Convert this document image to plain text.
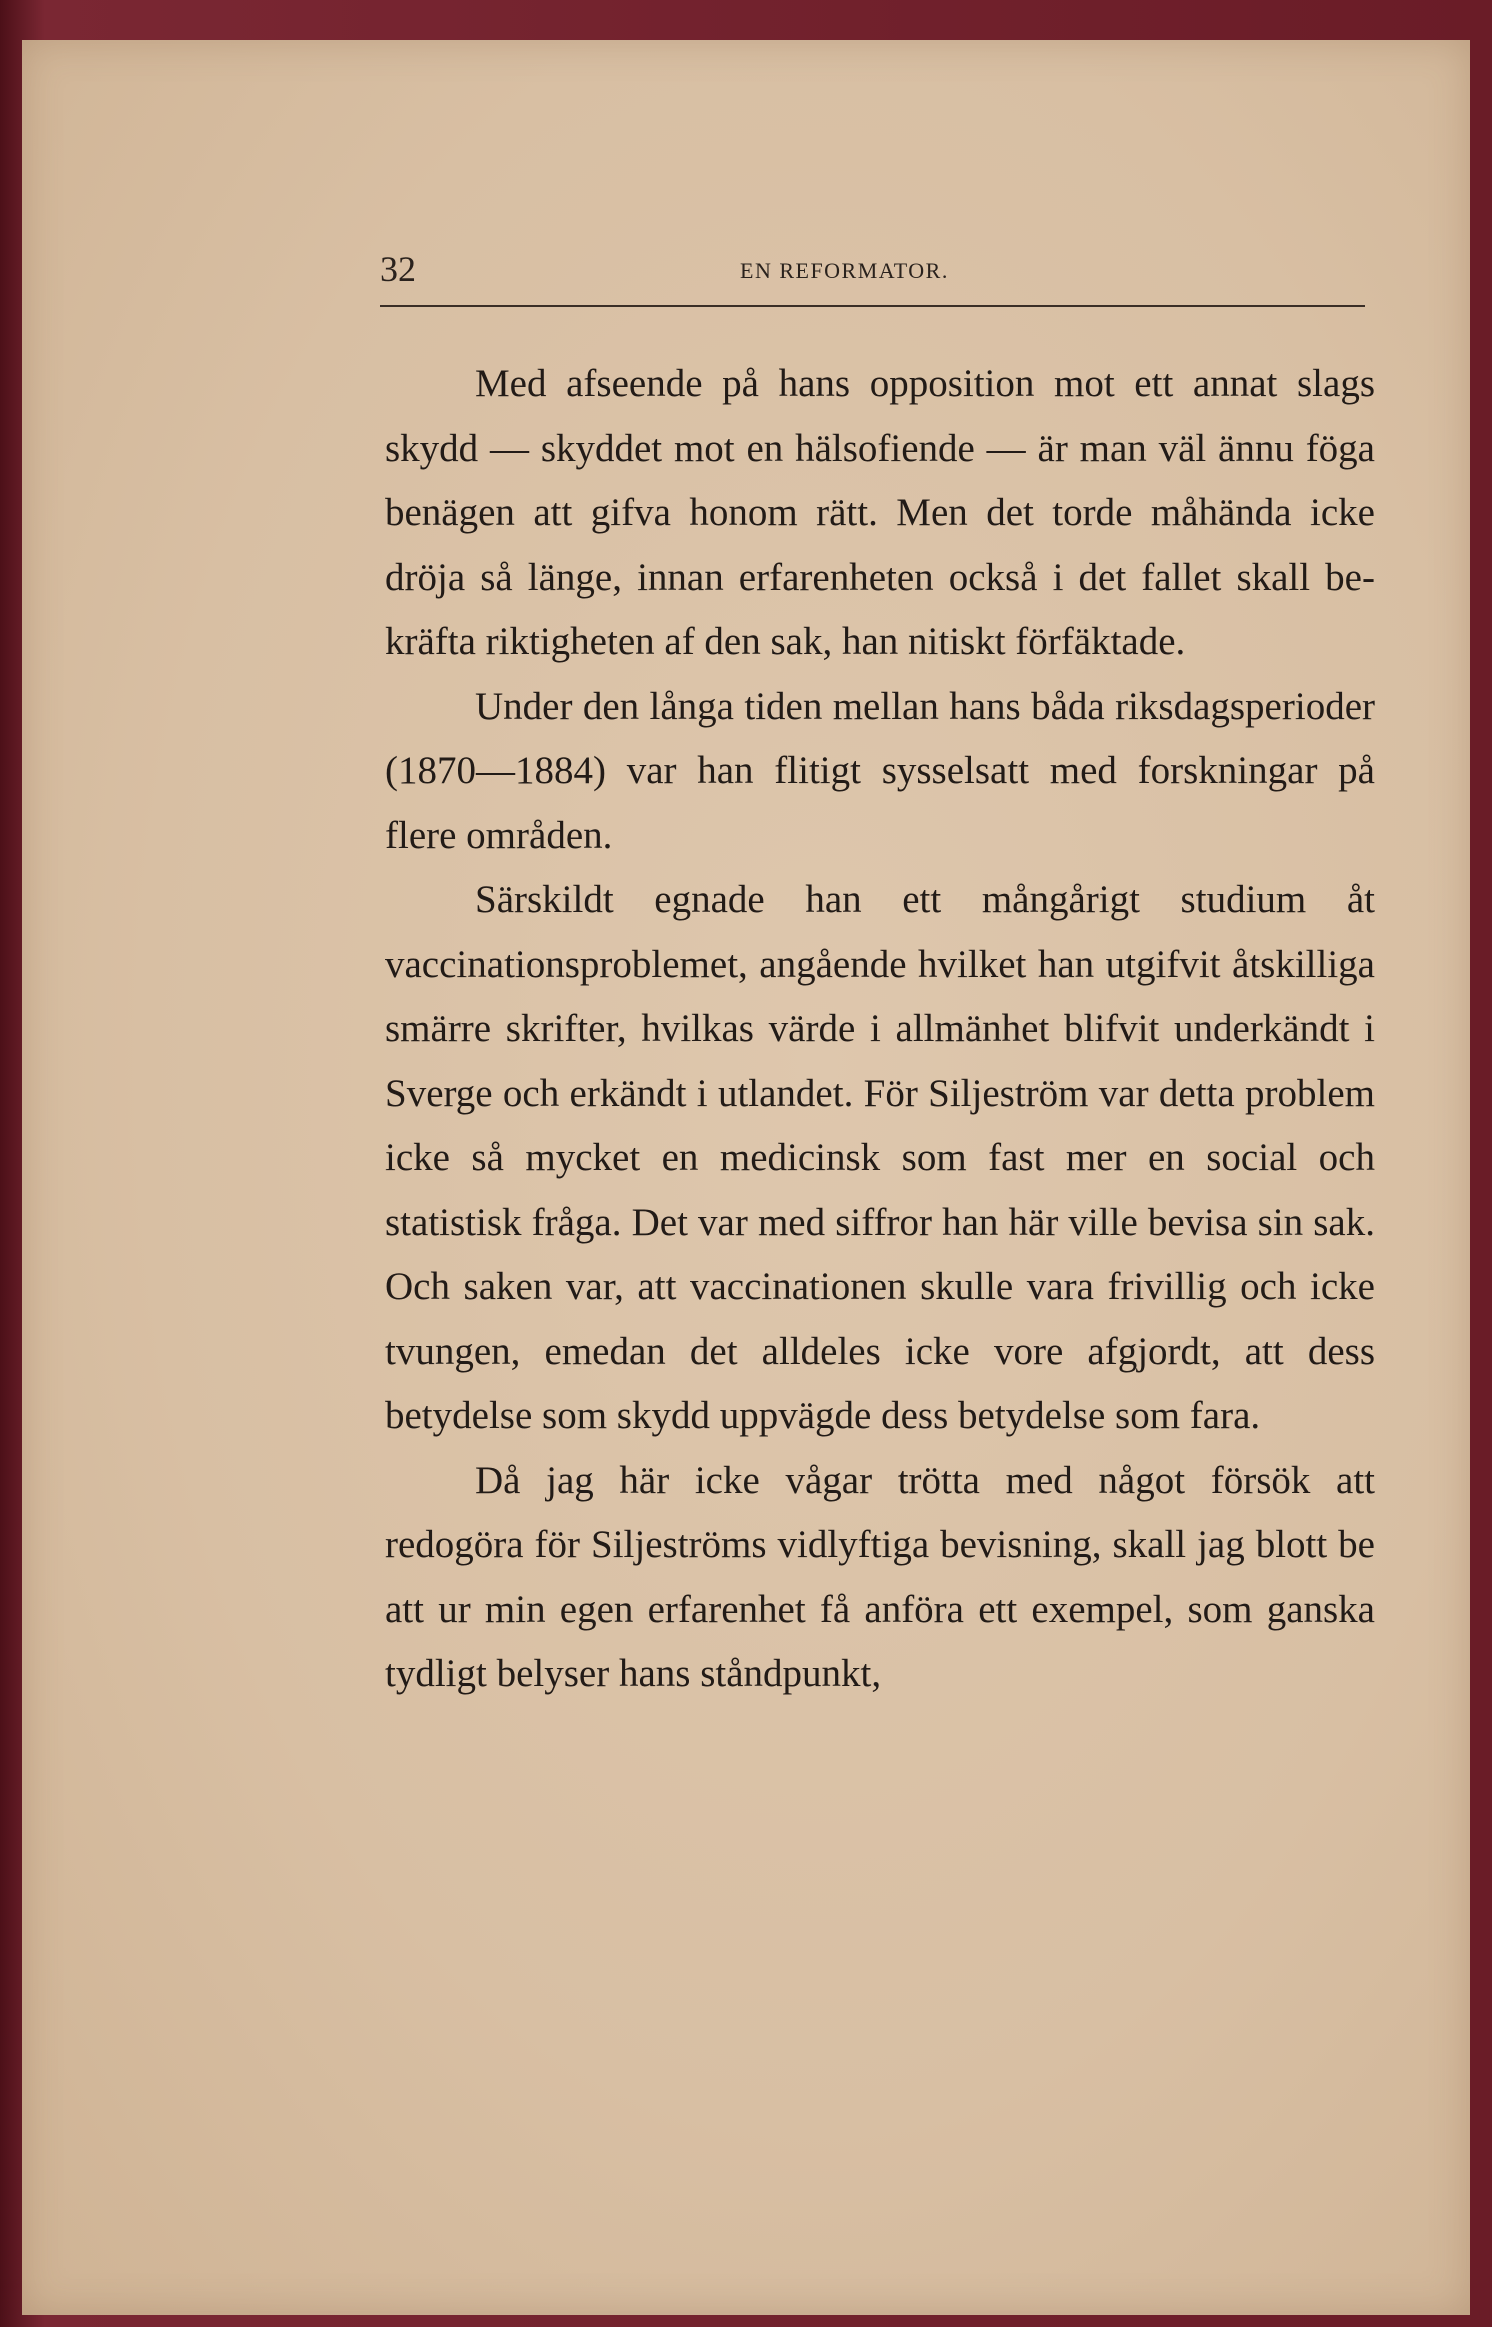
32	EN REFORMATOR.

Med afseende på hans opposition mot ett annat slags skydd — skyddet mot en hälsofiende — är man väl ännu föga benägen att gifva honom rätt. Men det torde måhända icke dröja så länge, innan erfarenheten också i det fallet skall bekräfta riktigheten af den sak, han nitiskt förfäktade.

Under den långa tiden mellan hans båda riksdagsperioder (1870—1884) var han flitigt sysselsatt med forskningar på flere områden.

Särskildt egnade han ett mångårigt studium åt vaccinationsproblemet, angående hvilket han utgifvit åtskilliga smärre skrifter, hvilkas värde i allmänhet blifvit underkändt i Sverge och erkändt i utlandet. För Siljeström var detta problem icke så mycket en medicinsk som fast mer en social och statistisk fråga. Det var med siffror han här ville bevisa sin sak. Och saken var, att vaccinationen skulle vara frivillig och icke tvungen, emedan det alldeles icke vore afgjordt, att dess betydelse som skydd uppvägde dess betydelse som fara.

Då jag här icke vågar trötta med något försök att redogöra för Siljeströms vidlyftiga bevisning, skall jag blott be att ur min egen erfarenhet få anföra ett exempel, som ganska tydligt belyser hans ståndpunkt,
